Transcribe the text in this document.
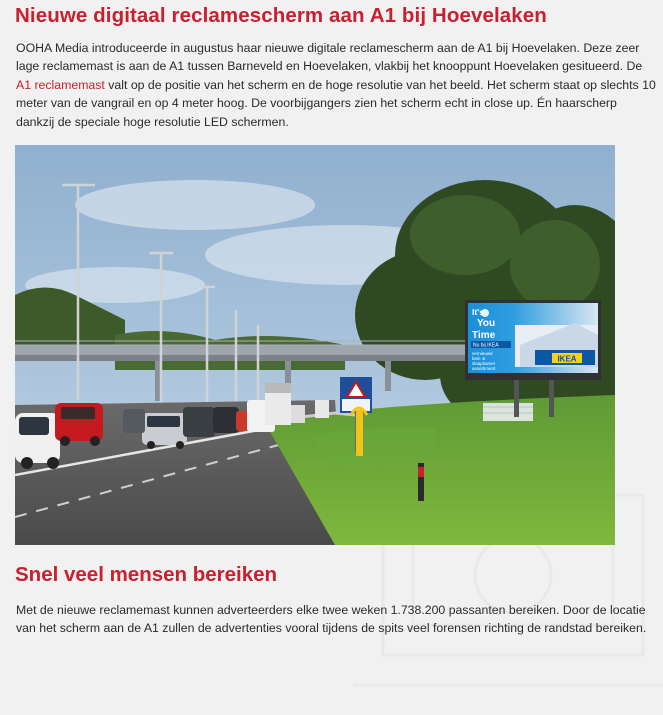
Nieuwe digitaal reclamescherm aan A1 bij Hoevelaken

OOHA Media introduceerde in augustus haar nieuwe digitale reclamescherm aan de A1 bij Hoevelaken. Deze zeer lage reclamemast is aan de A1 tussen Barneveld en Hoevelaken, vlakbij het knooppunt Hoevelaken gesitueerd. De A1 reclamemast valt op de positie van het scherm en de hoge resolutie van het beeld. Het scherm staat op slechts 10 meter van de vangrail en op 4 meter hoog. De voorbijgangers zien het scherm echt in close up. Én haarscherp dankzij de speciale hoge resolutie LED schermen.

IKEA
It's
You
Time
Nu bij IKEA
vernieuwd
bed- &
slaapkamer
assortiment
Snel veel mensen bereiken

Met de nieuwe reclamemast kunnen adverteerders elke twee weken 1.738.200 passanten bereiken. Door de locatie van het scherm aan de A1 zullen de advertenties vooral tijdens de spits veel forensen richting de randstad bereiken.
